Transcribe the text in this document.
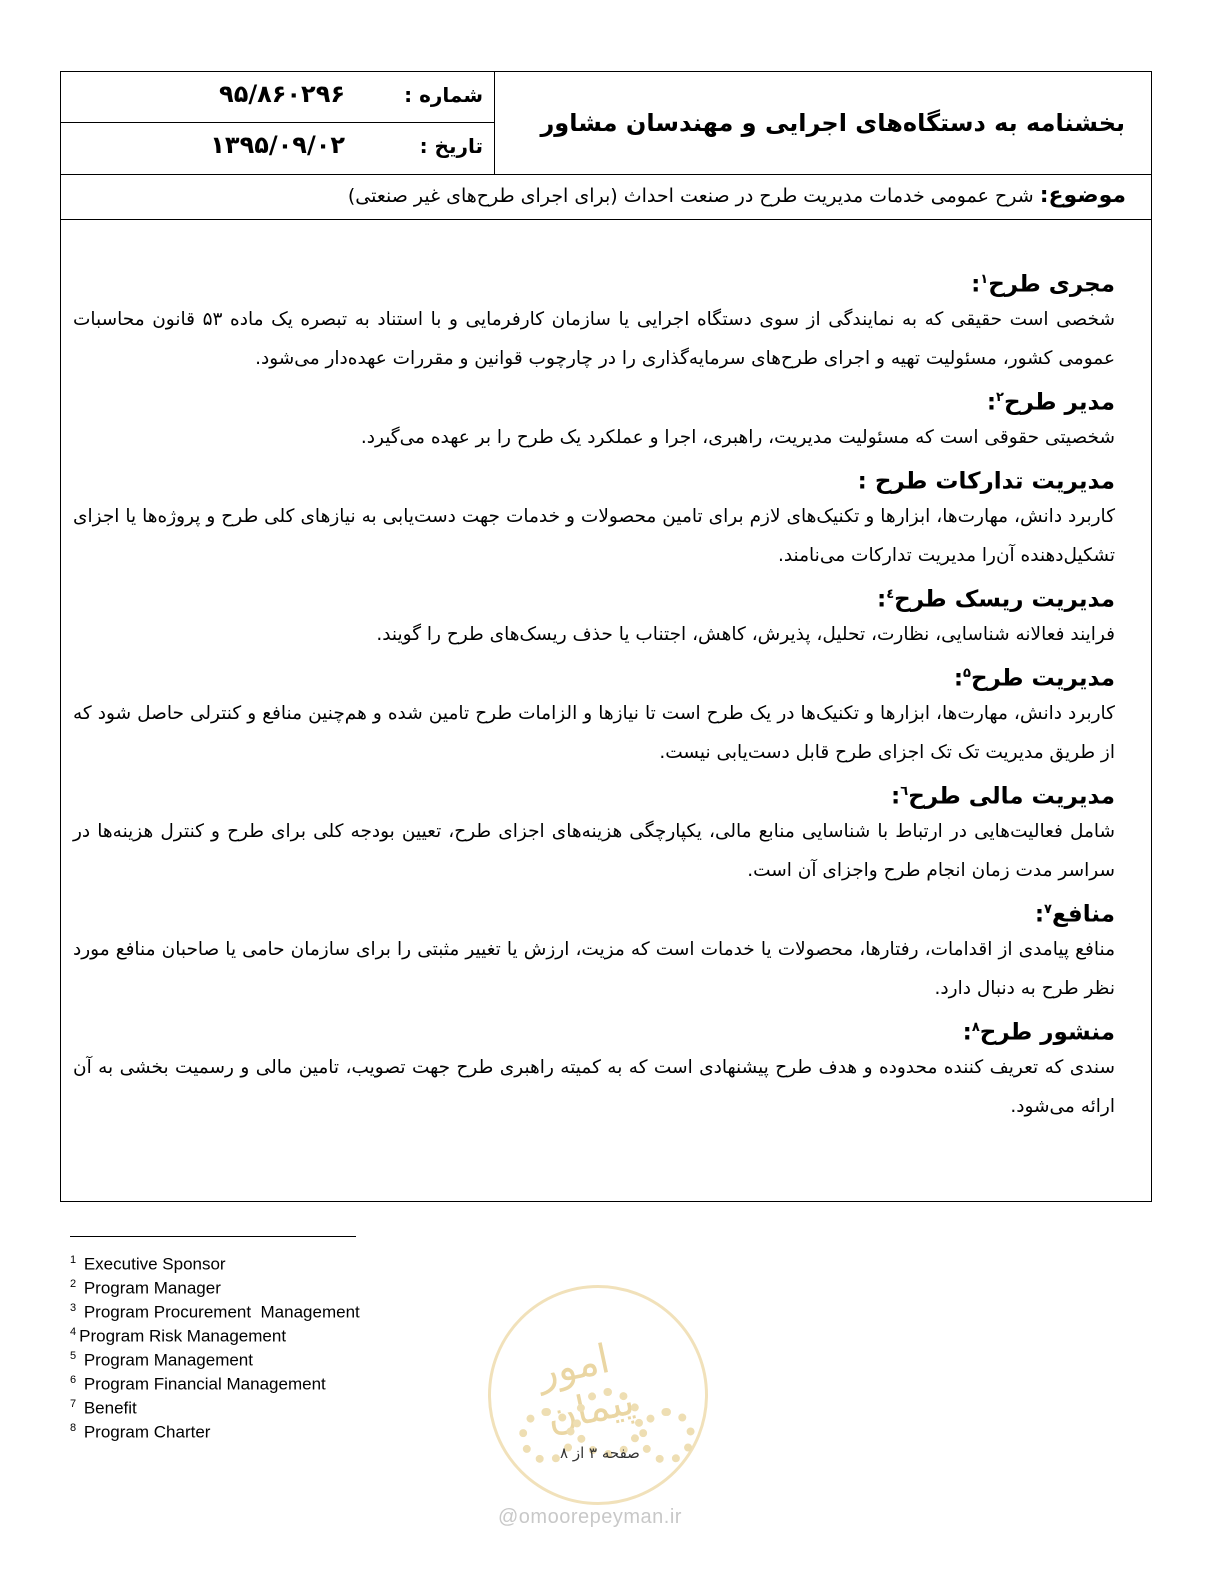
بخشنامه به دستگاه‌های اجرایی و مهندسان مشاور
شماره :
۹۵/۸۶۰۲۹۶
تاریخ :
۱۳۹۵/۰۹/۰۲
موضوع: شرح عمومی خدمات مدیریت طرح در صنعت احداث (برای اجرای طرح‌های غیر صنعتی)
مجری طرح$^۱$:

شخصی است حقیقی که به نمایندگی از سوی دستگاه اجرایی یا سازمان کارفرمایی و با استناد به تبصره یک ماده ۵۳ قانون محاسبات عمومی کشور، مسئولیت تهیه و اجرای طرح‌های سرمایه‌گذاری را در چارچوب قوانین و مقررات عهده‌دار می‌شود.

مدیر طرح$^۲$:

شخصیتی حقوقی است که مسئولیت مدیریت، راهبری، اجرا و عملکرد یک طرح را بر عهده می‌گیرد.

مدیریت تدارکات طرح :

کاربرد دانش، مهارت‌ها، ابزارها و تکنیک‌های لازم برای تامین محصولات و خدمات جهت دست‌یابی به نیازهای کلی طرح و پروژه‌ها یا اجزای تشکیل‌دهنده آن‌را مدیریت تدارکات می‌نامند.

مدیریت ریسک طرح$^٤$:

فرایند فعالانه شناسایی، نظارت، تحلیل، پذیرش، کاهش، اجتناب یا حذف ریسک‌های طرح را گویند.

مدیریت طرح$^۵$:

کاربرد دانش، مهارت‌ها، ابزارها و تکنیک‌ها در یک طرح است تا نیازها و الزامات طرح تامین شده و هم‌چنین منافع و کنترلی حاصل شود که از طریق مدیریت تک تک اجزای طرح قابل دست‌یابی نیست.

مدیریت مالی طرح$^٦$:

شامل فعالیت‌هایی در ارتباط با شناسایی منابع مالی، یکپارچگی هزینه‌های اجزای طرح، تعیین بودجه کلی برای طرح و کنترل هزینه‌ها در سراسر مدت زمان انجام طرح واجزای آن است.

منافع$^۷$:

منافع پیامدی از اقدامات، رفتارها، محصولات یا خدمات است که مزیت، ارزش یا تغییر مثبتی را برای سازمان حامی یا صاحبان منافع مورد نظر طرح به دنبال دارد.

منشور طرح$^۸$:

سندی که تعریف کننده محدوده و هدف طرح پیشنهادی است که به کمیته راهبری طرح جهت تصویب، تامین مالی و رسمیت بخشی به آن ارائه می‌شود.

$^1$ Executive Sponsor
$^2$ Program Manager
$^3$ Program Procurement  Management
$^4$ Program Risk Management
$^5$ Program Management
$^6$ Program Financial Management
$^7$ Benefit
$^8$ Program Charter
امور پیمان
صفحه ۳ از ۸
@omoorepeyman.ir
